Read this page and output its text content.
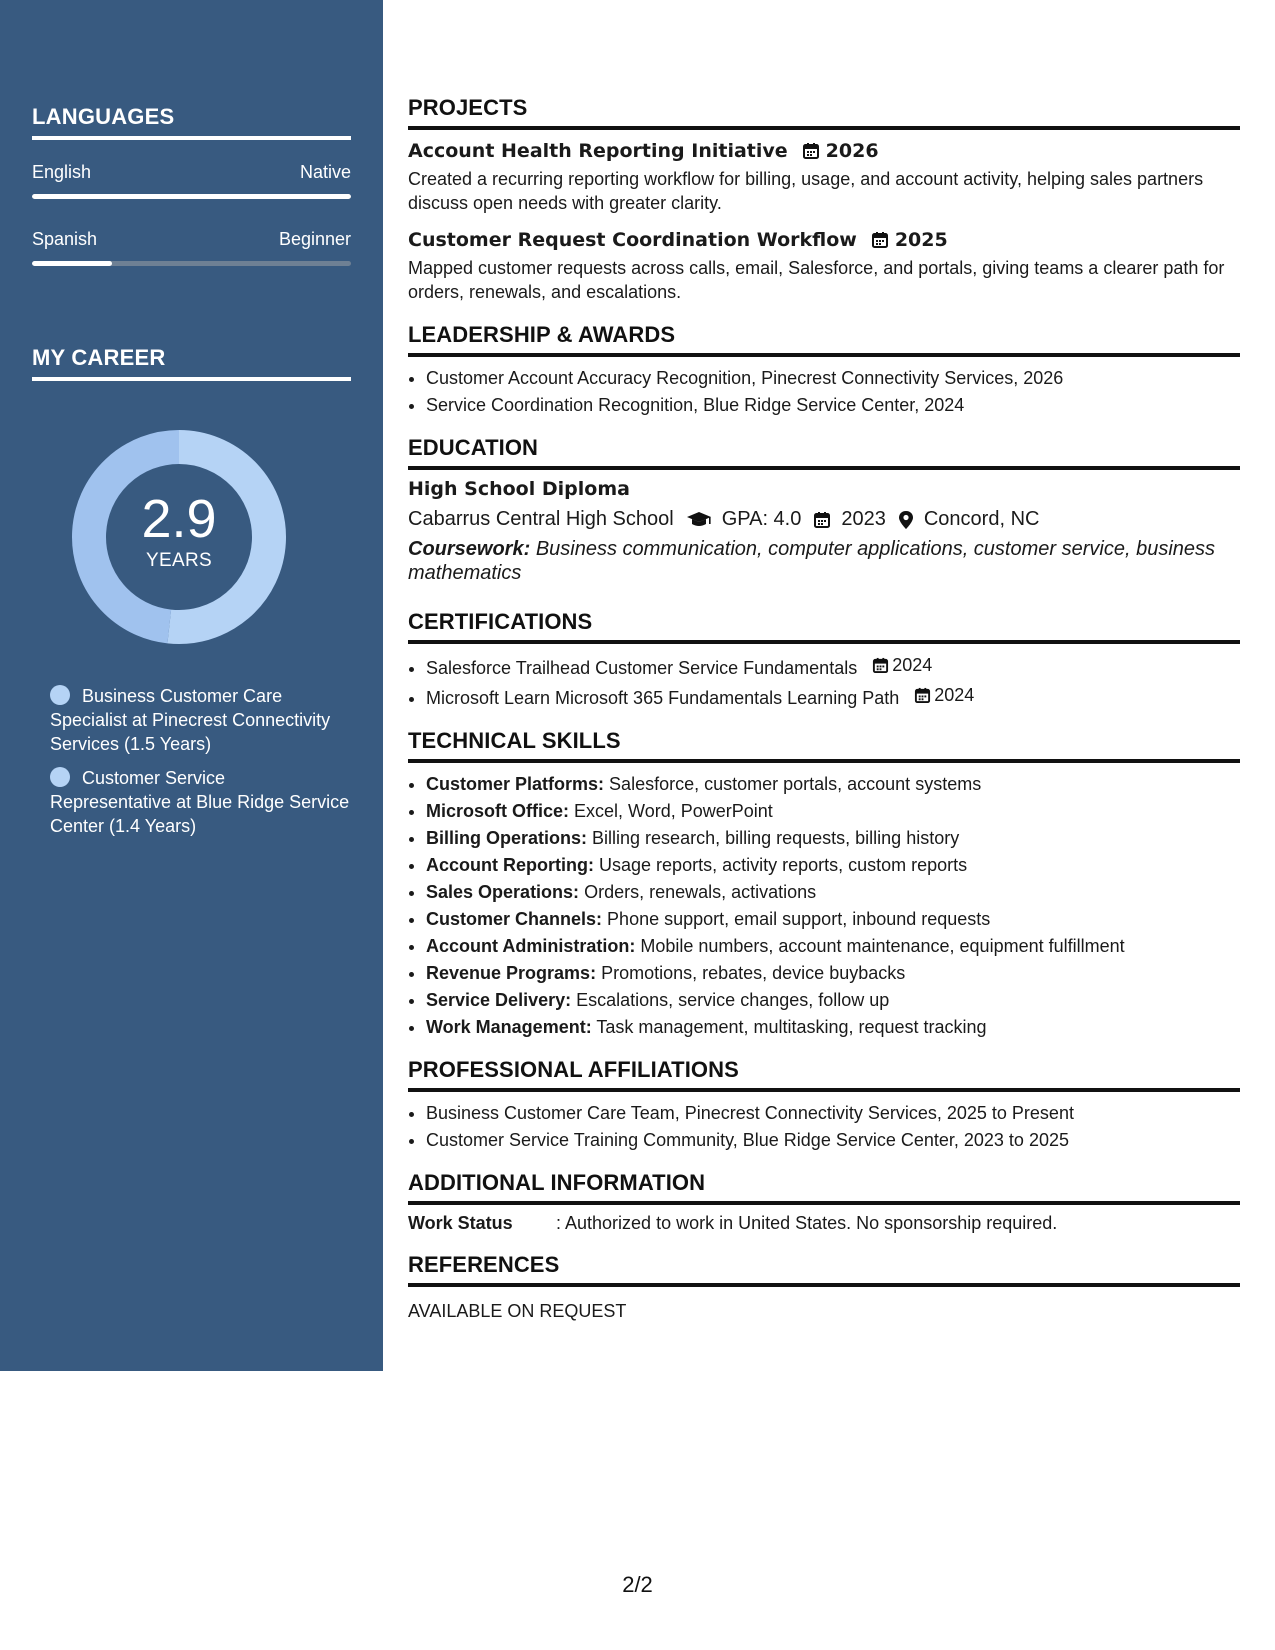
LANGUAGES
English	Native
Spanish	Beginner
MY CAREER
2.9
YEARS
Business Customer Care Specialist at Pinecrest Connectivity Services (1.5 Years)
Customer Service Representative at Blue Ridge Service Center (1.4 Years)
PROJECTS
Account Health Reporting Initiative 2026
Created a recurring reporting workflow for billing, usage, and account activity, helping sales partners discuss open needs with greater clarity.
Customer Request Coordination Workflow 2025
Mapped customer requests across calls, email, Salesforce, and portals, giving teams a clearer path for orders, renewals, and escalations.
LEADERSHIP & AWARDS
• Customer Account Accuracy Recognition, Pinecrest Connectivity Services, 2026
• Service Coordination Recognition, Blue Ridge Service Center, 2024
EDUCATION
High School Diploma
Cabarrus Central High School GPA: 4.0 2023 Concord, NC
Coursework: Business communication, computer applications, customer service, business mathematics
CERTIFICATIONS
• Salesforce Trailhead Customer Service Fundamentals 2024
• Microsoft Learn Microsoft 365 Fundamentals Learning Path 2024
TECHNICAL SKILLS
• Customer Platforms: Salesforce, customer portals, account systems
• Microsoft Office: Excel, Word, PowerPoint
• Billing Operations: Billing research, billing requests, billing history
• Account Reporting: Usage reports, activity reports, custom reports
• Sales Operations: Orders, renewals, activations
• Customer Channels: Phone support, email support, inbound requests
• Account Administration: Mobile numbers, account maintenance, equipment fulfillment
• Revenue Programs: Promotions, rebates, device buybacks
• Service Delivery: Escalations, service changes, follow up
• Work Management: Task management, multitasking, request tracking
PROFESSIONAL AFFILIATIONS
• Business Customer Care Team, Pinecrest Connectivity Services, 2025 to Present
• Customer Service Training Community, Blue Ridge Service Center, 2023 to 2025
ADDITIONAL INFORMATION
Work Status : Authorized to work in United States. No sponsorship required.
REFERENCES
AVAILABLE ON REQUEST
2/2
